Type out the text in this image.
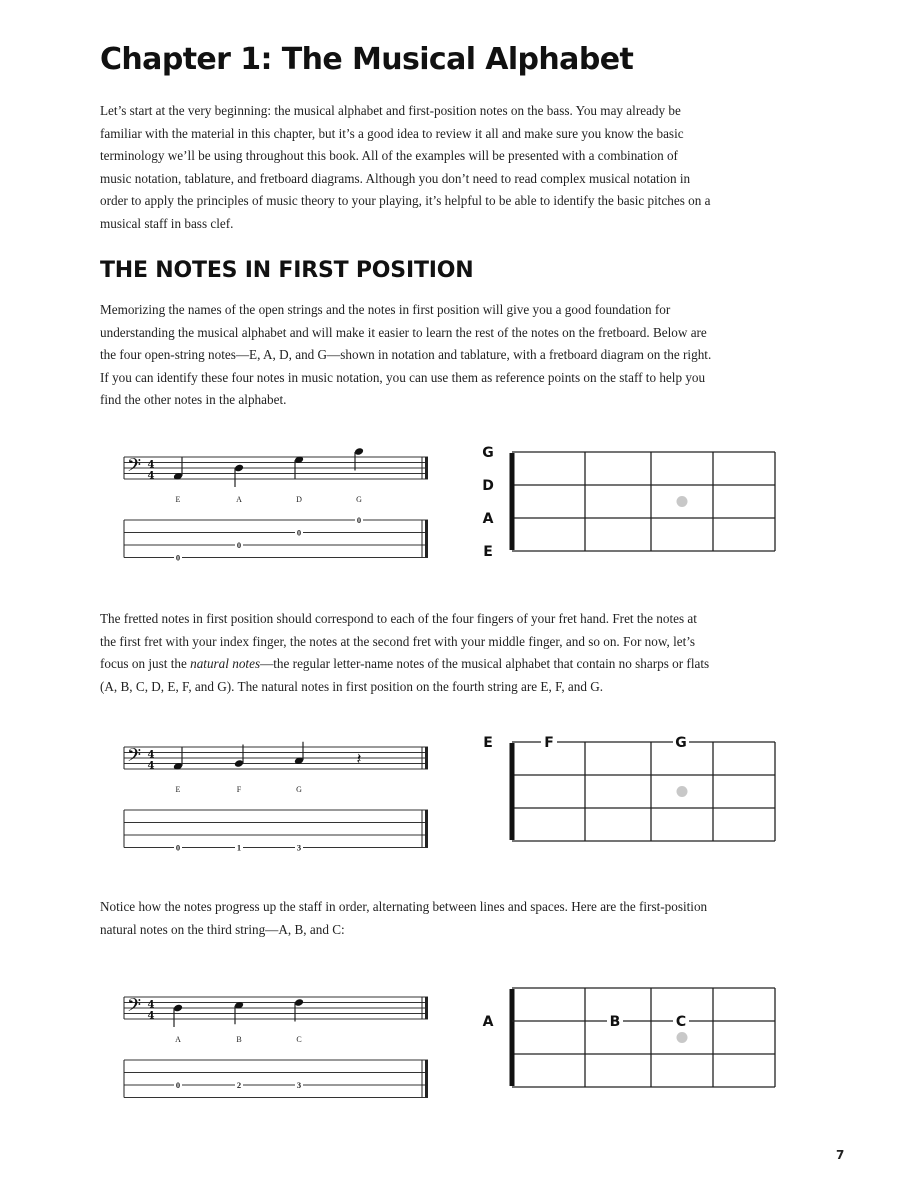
Chapter 1: The Musical Alphabet

Let’s start at the very beginning: the musical alphabet and first-position notes on the bass. You may already be
familiar with the material in this chapter, but it’s a good idea to review it all and make sure you know the basic
terminology we’ll be using throughout this book. All of the examples will be presented with a combination of
music notation, tablature, and fretboard diagrams. Although you don’t need to read complex musical notation in
order to apply the principles of music theory to your playing, it’s helpful to be able to identify the basic pitches on a
musical staff in bass clef.

THE NOTES IN FIRST POSITION

Memorizing the names of the open strings and the notes in first position will give you a good foundation for
understanding the musical alphabet and will make it easier to learn the rest of the notes on the fretboard. Below are
the four open-string notes—E, A, D, and G—shown in notation and tablature, with a fretboard diagram on the right.
If you can identify these four notes in music notation, you can use them as reference points on the staff to help you
find the other notes in the alphabet.

𝄢 4
4
E
0
A
0
D
0
G
0
G
D
A
E

The fretted notes in first position should correspond to each of the four fingers of your fret hand. Fret the notes at
the first fret with your index finger, the notes at the second fret with your middle finger, and so on. For now, let’s
focus on just the natural notes—the regular letter-name notes of the musical alphabet that contain no sharps or flats
(A, B, C, D, E, F, and G). The natural notes in first position on the fourth string are E, F, and G.

𝄢 4
4
E
0
F
1
G
3
𝄽
E	F	G

Notice how the notes progress up the staff in order, alternating between lines and spaces. Here are the first-position
natural notes on the third string—A, B, and C:

𝄢 4
4
A
0
B
2
C
3
A	B	C

7
